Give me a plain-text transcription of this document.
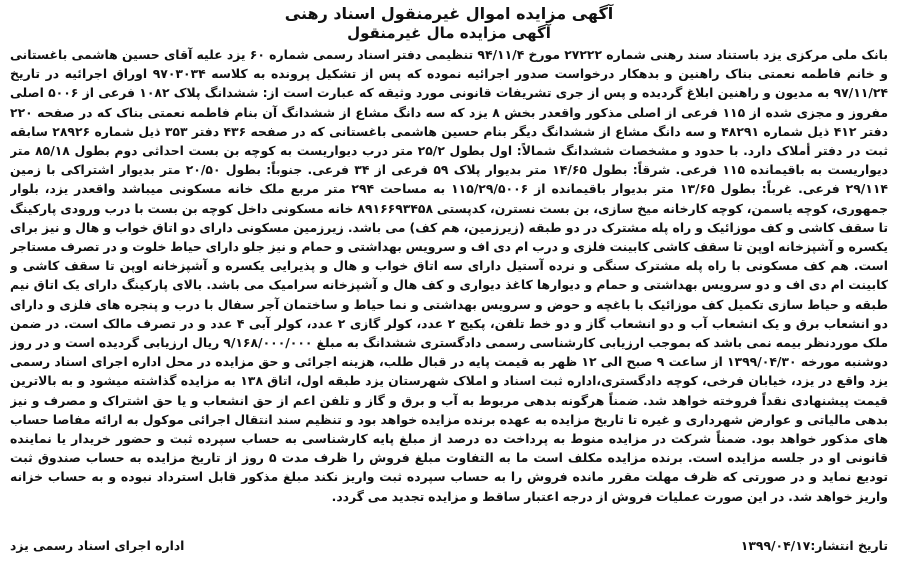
آگهی مزایده اموال غیرمنقول اسناد رهنی
آگهی مزایده مال غیرمنقول

بانک ملی مرکزی یزد باستناد سند رهنی شماره ۲۷۲۲۲ مورخ ۹۴/۱۱/۴ تنظیمی دفتر اسناد رسمی شماره ۶۰ یزد علیه آقای حسین هاشمی باغستانی و خانم فاطمه نعمتی بناک راهنین و بدهکار درخواست صدور اجرائیه نموده که پس از تشکیل پرونده به کلاسه ۹۷۰۳۰۳۴ اوراق اجرائیه در تاریخ ۹۷/۱۱/۲۴ به مدیون و راهنین ابلاغ گردیده و پس از جری تشریفات قانونی مورد وثیقه که عبارت است از: ششدانگ پلاک ۱۰۸۲ فرعی از ۵۰۰۶ اصلی مفروز و مجزی شده از ۱۱۵ فرعی از اصلی مذکور واقعدر بخش ۸ یزد که سه دانگ مشاع از ششدانگ آن بنام فاطمه نعمتی بناک که در صفحه ۲۲۰ دفتر ۴۱۲ ذیل شماره ۴۸۲۹۱ و سه دانگ مشاع از ششدانگ دیگر بنام حسین هاشمی باغستانی که در صفحه ۴۳۶ دفتر ۳۵۳ ذیل شماره ۲۸۹۲۶ سابقه ثبت در دفتر أملاک دارد. با حدود و مشخصات ششدانگ شمالاً: اول بطول ۲۵/۲ متر درب دیواریست به کوچه بن بست احداثی دوم بطول ۸۵/۱۸ متر دیواریست به باقیمانده ۱۱۵ فرعی. شرقاً: بطول ۱۴/۶۵ متر بدیوار پلاک ۵۹ فرعی از ۳۴ فرعی. جنوباً: بطول ۲۰/۵۰ متر بدیوار اشتراکی با زمین ۲۹/۱۱۴ فرعی. غرباً: بطول ۱۳/۶۵ متر بدیوار باقیمانده از ۱۱۵/۲۹/۵۰۰۶ به مساحت ۲۹۴ متر مربع ملک خانه مسکونی میباشد واقعدر یزد، بلوار جمهوری، کوچه یاسمن، کوچه کارخانه میخ سازی، بن بست نسترن، کدپستی ۸۹۱۶۶۹۳۴۵۸ خانه مسکونی داخل کوچه بن بست با درب ورودی پارکینگ تا سقف کاشی و کف موزائیک و راه پله مشترک در دو طبقه (زیرزمین، هم کف) می باشد. زیرزمین مسکونی دارای دو اتاق خواب و هال و نیز برای یکسره و آشپزخانه اوپن تا سقف کاشی کابینت فلزی و درب ام دی اف و سرویس بهداشتی و حمام و نیز جلو دارای حیاط خلوت و در تصرف مستاجر است. هم کف مسکونی با راه پله مشترک سنگی و نرده آستیل دارای سه اتاق خواب و هال و پذیرایی یکسره و آشپزخانه اوپن تا سقف کاشی و کابینت ام دی اف و دو سرویس بهداشتی و حمام و دیوارها کاغذ دیواری و کف هال و آشپزخانه سرامیک می باشد. بالای پارکینگ دارای یک اتاق نیم طبقه و حیاط سازی تکمیل کف موزائیک با باغچه و حوض و سرویس بهداشتی و نما حیاط و ساختمان آجر سفال با درب و پنجره های فلزی و دارای دو انشعاب برق و یک انشعاب آب و دو انشعاب گاز و دو خط تلفن، پکیج ۲ عدد، کولر گازی ۲ عدد، کولر آبی ۴ عدد و در تصرف مالک است. در ضمن ملک موردنظر بیمه نمی باشد که بموجب ارزیابی کارشناسی رسمی دادگستری ششدانگ به مبلغ ۹/۱۶۸/۰۰۰/۰۰۰ ریال ارزیابی گردیده است و در روز دوشنبه مورخه ۱۳۹۹/۰۴/۳۰ از ساعت ۹ صبح الی ۱۲ ظهر به قیمت پایه در قبال طلب، هزینه اجرائی و حق مزایده در محل اداره اجرای اسناد رسمی یزد واقع در یزد، خیابان فرخی، کوچه دادگستری،اداره ثبت اسناد و املاک شهرستان یزد طبقه اول، اتاق ۱۳۸ به مزایده گذاشته میشود و به بالاترین قیمت پیشنهادی نقداً فروخته خواهد شد. ضمناً هرگونه بدهی مربوط به آب و برق و گاز و تلفن اعم از حق انشعاب و یا حق اشتراک و مصرف و نیز بدهی مالیاتی و عوارض شهرداری و غیره تا تاریخ مزایده به عهده برنده مزایده خواهد بود و تنظیم سند انتقال اجرائی موکول به ارائه مفاصا حساب های مذکور خواهد بود. ضمناً شرکت در مزایده منوط به پرداخت ده درصد از مبلغ پایه کارشناسی به حساب سپرده ثبت و حضور خریدار یا نماینده قانونی او در جلسه مزایده است. برنده مزایده مکلف است ما به التفاوت مبلغ فروش را ظرف مدت ۵ روز از تاریخ مزایده به حساب صندوق ثبت تودیع نماید و در صورتی که ظرف مهلت مقرر مانده فروش را به حساب سپرده ثبت واریز نکند مبلغ مذکور قابل استرداد نبوده و به حساب خزانه واریز خواهد شد. در این صورت عملیات فروش از درجه اعتبار ساقط و مزایده تجدید می گردد.

تاریخ انتشار:۱۳۹۹/۰۴/۱۷
اداره اجرای اسناد رسمی یزد
